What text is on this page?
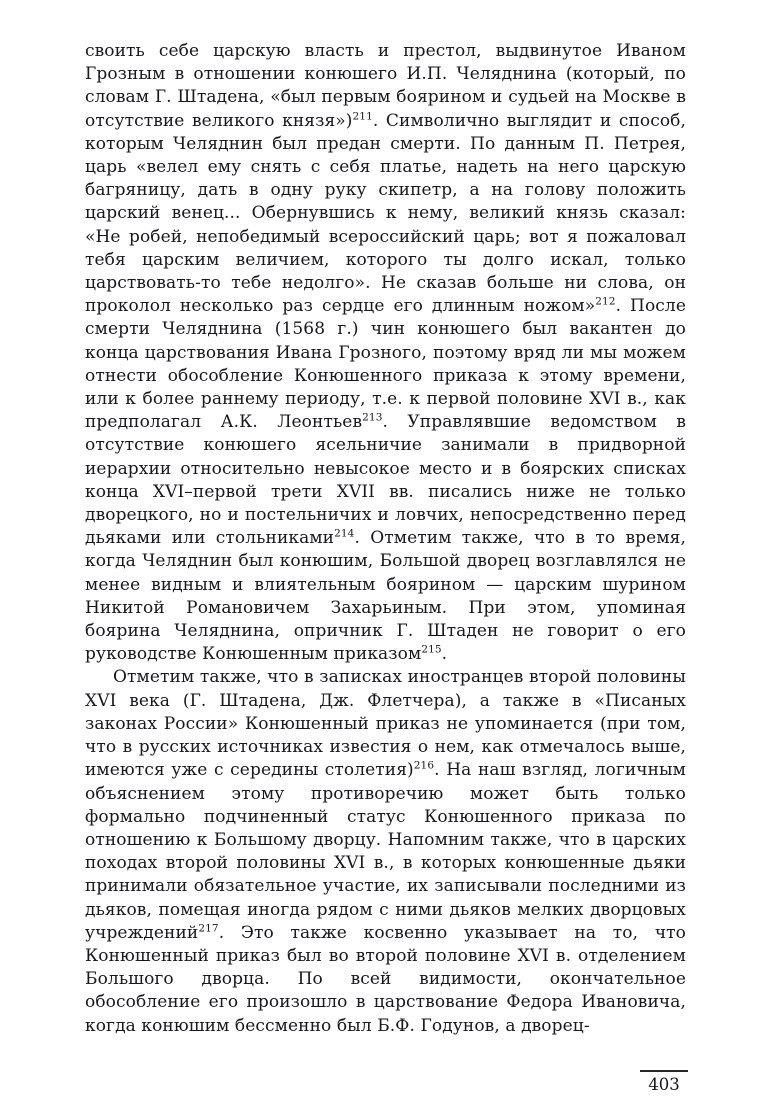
своить себе царскую власть и престол, выдвинутое Иваном Грозным в отношении конюшего И.П. Челяднина (который, по словам Г. Штадена, «был первым боярином и судьей на Москве в отсутствие великого князя»)$^{211}$. Символично выглядит и способ, которым Челяднин был предан смерти. По данным П. Петрея, царь «велел ему снять с себя платье, надеть на него царскую багряницу, дать в одну руку скипетр, а на голову положить царский венец... Обернувшись к нему, великий князь сказал: «Не робей, непобедимый всероссийский царь; вот я пожаловал тебя царским величием, которого ты долго искал, только царствовать-то тебе недолго». Не сказав больше ни слова, он проколол несколько раз сердце его длинным ножом»$^{212}$. После смерти Челяднина (1568 г.) чин конюшего был вакантен до конца царствования Ивана Грозного, поэтому вряд ли мы можем отнести обособление Конюшенного приказа к этому времени, или к более раннему периоду, т.е. к первой половине XVI в., как предполагал А.К. Леонтьев$^{213}$. Управлявшие ведомством в отсутствие конюшего ясельничие занимали в придворной иерархии относительно невысокое место и в боярских списках конца XVI–первой трети XVII вв. писались ниже не только дворецкого, но и постельничих и ловчих, непосредственно перед дьяками или стольниками$^{214}$. Отметим также, что в то время, когда Челяднин был конюшим, Большой дворец возглавлялся не менее видным и влиятельным боярином — царским шурином Никитой Романовичем Захарьиным. При этом, упоминая боярина Челяднина, опричник Г. Штаден не говорит о его руководстве Конюшенным приказом$^{215}$.

Отметим также, что в записках иностранцев второй половины XVI века (Г. Штадена, Дж. Флетчера), а также в «Писаных законах России» Конюшенный приказ не упоминается (при том, что в русских источниках известия о нем, как отмечалось выше, имеются уже с середины столетия)$^{216}$. На наш взгляд, логичным объяснением этому противоречию может быть только формально подчиненный статус Конюшенного приказа по отношению к Большому дворцу. Напомним также, что в царских походах второй половины XVI в., в которых конюшенные дьяки принимали обязательное участие, их записывали последними из дьяков, помещая иногда рядом с ними дьяков мелких дворцовых учреждений$^{217}$. Это также косвенно указывает на то, что Конюшенный приказ был во второй половине XVI в. отделением Большого дворца. По всей видимости, окончательное обособление его произошло в царствование Федора Ивановича, когда конюшим бессменно был Б.Ф. Годунов, а дворец-

403
